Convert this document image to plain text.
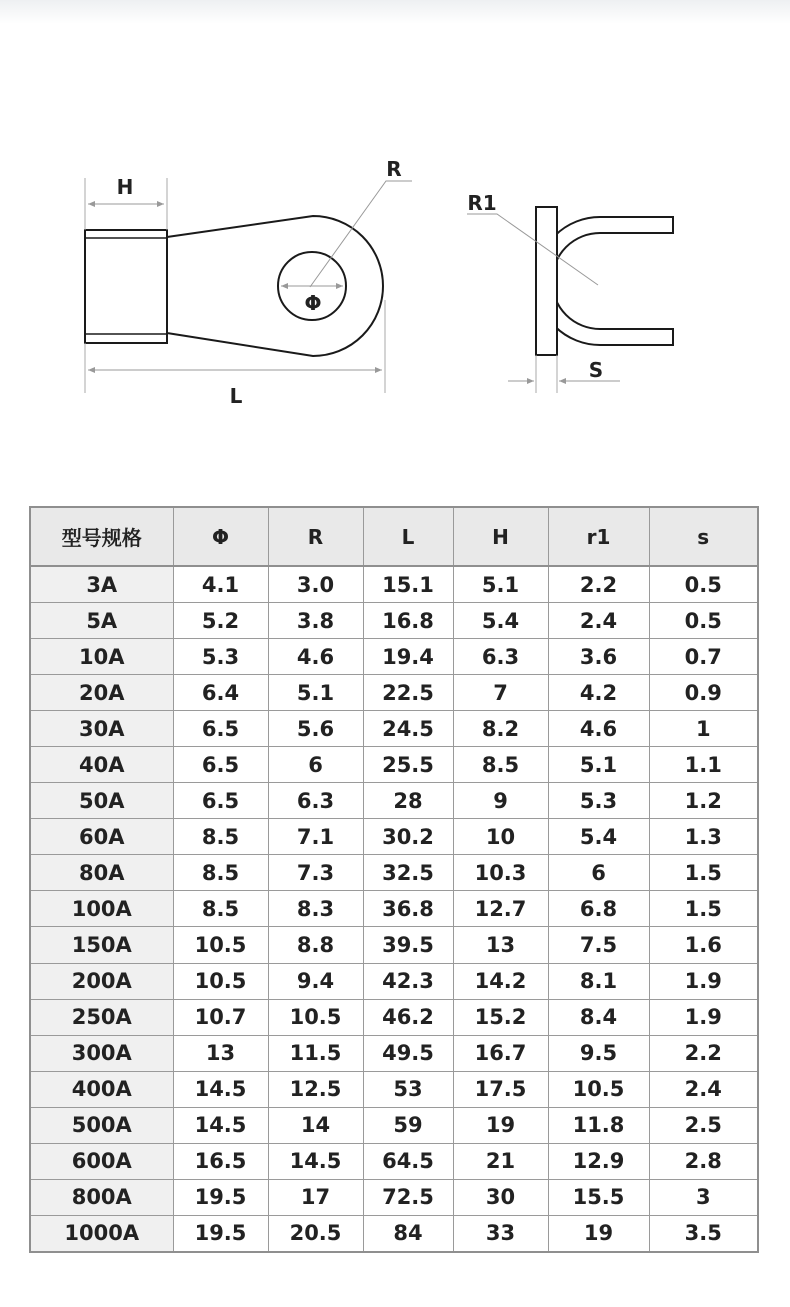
H
L
R
Φ
R1
S
型号规格	Φ	R	L	H	r1	s
3A	4.1	3.0	15.1	5.1	2.2	0.5
5A	5.2	3.8	16.8	5.4	2.4	0.5
10A	5.3	4.6	19.4	6.3	3.6	0.7
20A	6.4	5.1	22.5	7	4.2	0.9
30A	6.5	5.6	24.5	8.2	4.6	1
40A	6.5	6	25.5	8.5	5.1	1.1
50A	6.5	6.3	28	9	5.3	1.2
60A	8.5	7.1	30.2	10	5.4	1.3
80A	8.5	7.3	32.5	10.3	6	1.5
100A	8.5	8.3	36.8	12.7	6.8	1.5
150A	10.5	8.8	39.5	13	7.5	1.6
200A	10.5	9.4	42.3	14.2	8.1	1.9
250A	10.7	10.5	46.2	15.2	8.4	1.9
300A	13	11.5	49.5	16.7	9.5	2.2
400A	14.5	12.5	53	17.5	10.5	2.4
500A	14.5	14	59	19	11.8	2.5
600A	16.5	14.5	64.5	21	12.9	2.8
800A	19.5	17	72.5	30	15.5	3
1000A	19.5	20.5	84	33	19	3.5
